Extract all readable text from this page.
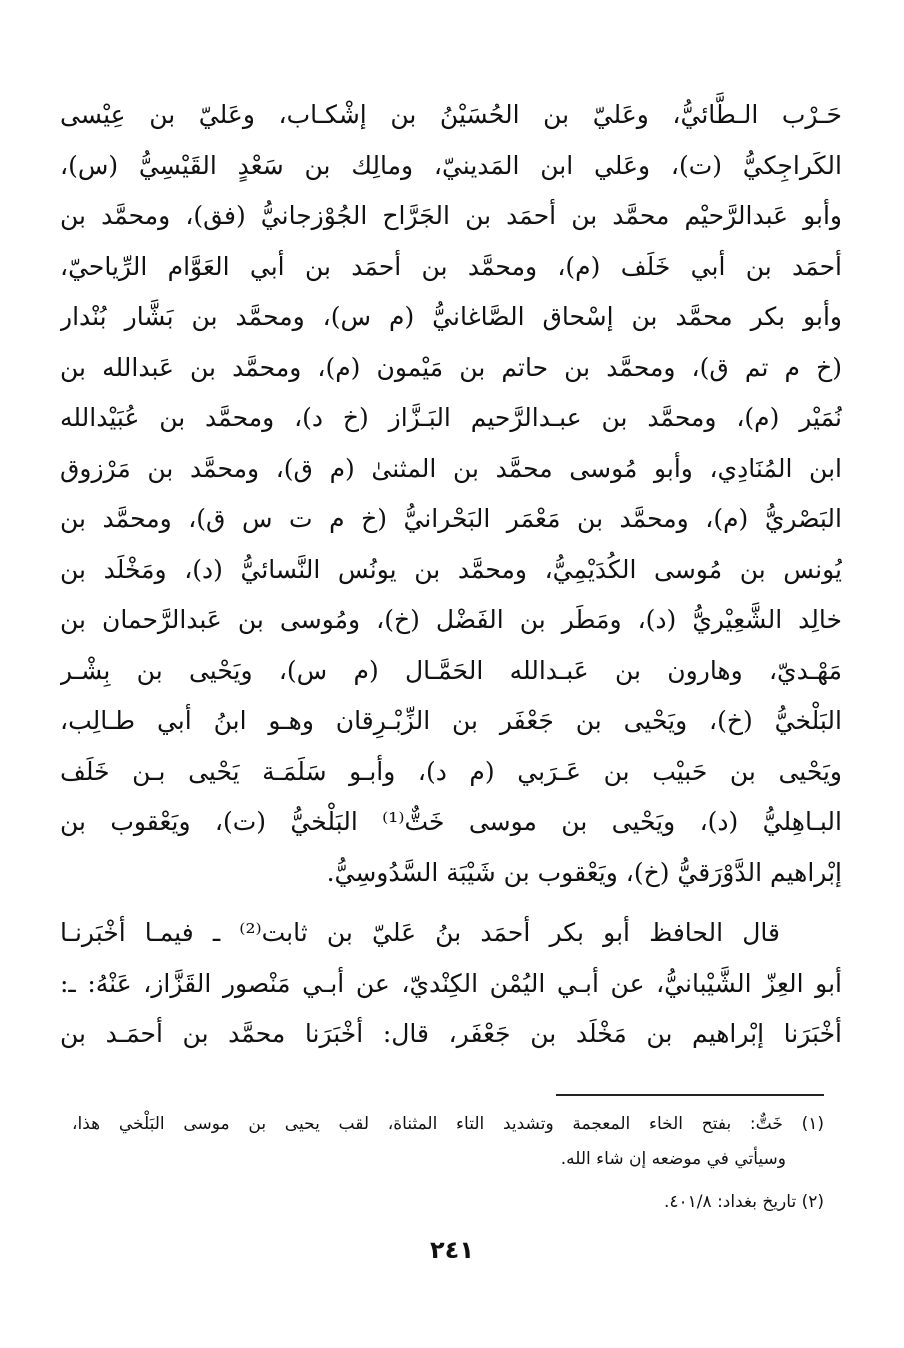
حَـرْب الـطَّائيُّ، وعَليّ بن الحُسَيْنُ بن إشْكـاب، وعَليّ بن عِيْسى
الكَراجِكيُّ (ت)، وعَلي ابن المَدينيّ، ومالِك بن سَعْدٍ القَيْسِيُّ (س)،
وأبو عَبدالرَّحيْم محمَّد بن أحمَد بن الجَرَّاح الجُوْزجانيُّ (فق)، ومحمَّد بن
أحمَد بن أبي خَلَف (م)، ومحمَّد بن أحمَد بن أبي العَوَّام الرِّياحيّ،
وأبو بكر محمَّد بن إسْحاق الصَّاغانيُّ (م س)، ومحمَّد بن بَشَّار بُنْدار
(خ م تم ق)، ومحمَّد بن حاتم بن مَيْمون (م)، ومحمَّد بن عَبدالله بن
نُمَيْر (م)، ومحمَّد بن عبـدالرَّحيم البَـزَّاز (خ د)، ومحمَّد بن عُبَيْدالله
ابن المُنَادِي، وأبو مُوسى محمَّد بن المثنىٰ (م ق)، ومحمَّد بن مَرْزوق
البَصْريُّ (م)، ومحمَّد بن مَعْمَر البَحْرانيُّ (خ م ت س ق)، ومحمَّد بن
يُونس بن مُوسى الكُدَيْمِيُّ، ومحمَّد بن يونُس النَّسائيُّ (د)، ومَخْلَد بن
خالِد الشَّعِيْريُّ (د)، ومَطَر بن الفَضْل (خ)، ومُوسى بن عَبدالرَّحمان بن
مَهْـديّ، وهارون بن عَبـدالله الحَمَّـال (م س)، ويَحْيى بن بِشْـر
البَلْخيُّ (خ)، ويَحْيى بن جَعْفَر بن الزِّبْـرِقان وهـو ابنُ أبي طـالِب،
ويَحْيى بن حَبيْب بن عَـرَبي (م د)، وأبـو سَلَمَـة يَحْيى بـن خَلَف
البـاهِليُّ (د)، ويَحْيى بن موسى خَتٌّ⁽¹⁾ البَلْخيُّ (ت)، ويَعْقوب بن
إبْراهيم الدَّوْرَقيُّ (خ)، ويَعْقوب بن شَيْبَة السَّدُوسِيُّ.
قال الحافظ أبو بكر أحمَد بنُ عَليّ بن ثابت⁽²⁾ ـ فيمـا أخْبَرنـا
أبو العِزّ الشَّيْبانيُّ، عن أبـي اليُمْن الكِنْديّ، عن أبـي مَنْصور القَزَّاز، عَنْهُ: ـ:
أخْبَرَنا إبْراهيم بن مَخْلَد بن جَعْفَر، قال: أخْبَرَنا محمَّد بن أحمَـد بن
(١) خَتٌّ: بفتح الخاء المعجمة وتشديد التاء المثناة، لقب يحيى بن موسى البَلْخي هذا،
وسيأتي في موضعه إن شاء الله.
(٢) تاريخ بغداد: ٤٠١/٨.
٢٤١
